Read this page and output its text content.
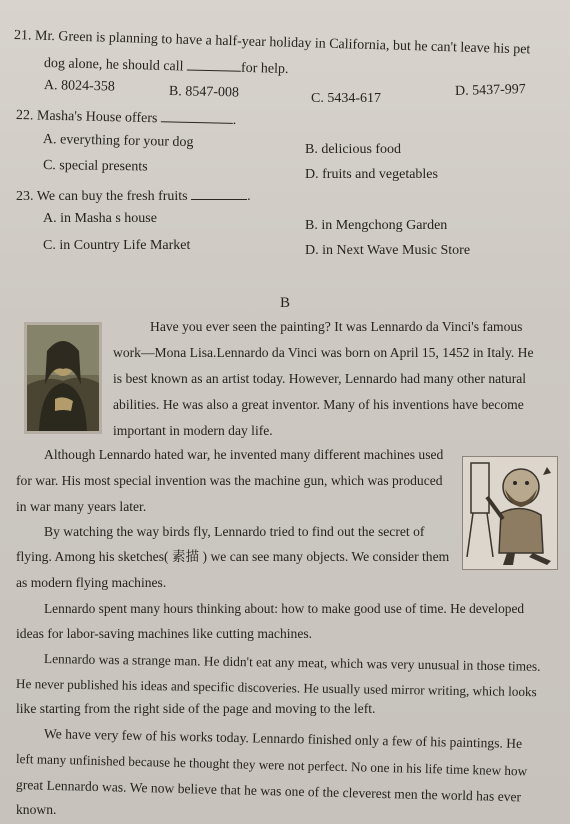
21. Mr. Green is planning to have a half-year holiday in California, but he can't leave his pet
dog alone, he should call	for help.
A. 8024-358	B. 8547-008	C. 5434-617	D. 5437-997
22. Masha's House offers	.
A. everything for your dog	B. delicious food
C. special presents
D. fruits and vegetables
23. We can buy the fresh fruits	.
A. in Masha s house	B. in Mengchong Garden
C. in Country Life Market	D. in Next Wave Music Store
B
Have you ever seen the painting? It was Lennardo da Vinci's famous
work—Mona Lisa.Lennardo da Vinci was born on April 15, 1452 in Italy. He
is best known as an artist today. However, Lennardo had many other natural
abilities. He was also a great inventor. Many of his inventions have become
important in modern day life.
Although Lennardo hated war, he invented many different machines used
for war. His most special invention was the machine gun, which was produced
in war many years later.
By watching the way birds fly, Lennardo tried to find out the secret of
flying. Among his sketches( 素描 ) we can see many objects. We consider them
as modern flying machines.
Lennardo spent many hours thinking about: how to make good use of time. He developed
ideas for labor-saving machines like cutting machines.
Lennardo was a strange man. He didn't eat any meat, which was very unusual in those times.
He never published his ideas and specific discoveries. He usually used mirror writing, which looks
like starting from the right side of the page and moving to the left.
We have very few of his works today. Lennardo finished only a few of his paintings. He
left many unfinished because he thought they were not perfect. No one in his life time knew how
great Lennardo was. We now believe that he was one of the cleverest men the world has ever
known.
